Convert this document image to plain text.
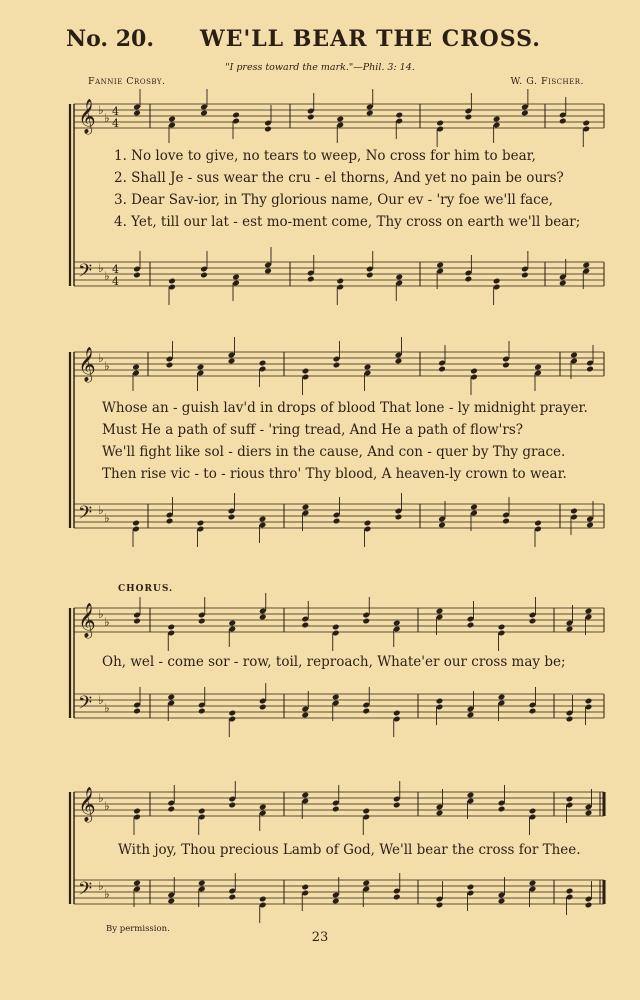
No. 20. WE'LL BEAR THE CROSS.
"I press toward the mark."—Phil. 3: 14.
Fannie Crosby.	W. G. Fischer.
𝄞
𝄢
♭
♭
♭
♭
4
4
4
4
𝄞
𝄢
♭
♭
♭
♭
𝄞
𝄢
♭
♭
♭
♭
𝄞
𝄢
♭
♭
♭
♭
1. No love to give, no tears to weep, No cross for him to bear,
2. Shall Je - sus wear the cru - el thorns, And yet no pain be ours?
3. Dear Sav-ior, in Thy glorious name, Our ev - 'ry foe we'll face,
4. Yet, till our lat - est mo-ment come, Thy cross on earth we'll bear;
Whose an - guish lav'd in drops of blood That lone - ly midnight prayer.
Must He a path of suff - 'ring tread, And He a path of flow'rs?
We'll fight like sol - diers in the cause, And con - quer by Thy grace.
Then rise vic - to - rious thro' Thy blood, A heaven-ly crown to wear.
CHORUS.
Oh, wel - come sor - row, toil, reproach, Whate'er our cross may be;
With joy, Thou precious Lamb of God, We'll bear the cross for Thee.
By permission.
23
